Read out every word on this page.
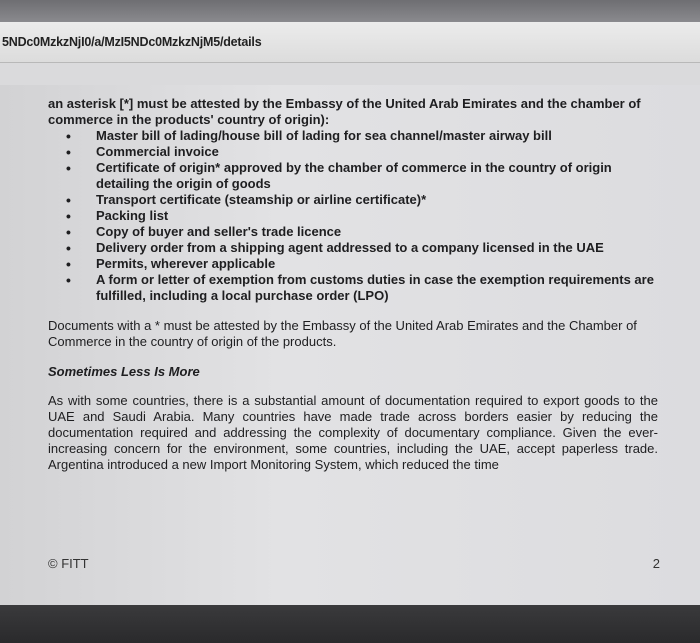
5NDc0MzkzNjI0/a/MzI5NDc0MzkzNjM5/details

an asterisk [*] must be attested by the Embassy of the United Arab Emirates and the chamber of commerce in the products' country of origin):

• Master bill of lading/house bill of lading for sea channel/master airway bill
• Commercial invoice
• Certificate of origin* approved by the chamber of commerce in the country of origin detailing the origin of goods
• Transport certificate (steamship or airline certificate)*
• Packing list
• Copy of buyer and seller's trade licence
• Delivery order from a shipping agent addressed to a company licensed in the UAE
• Permits, wherever applicable
• A form or letter of exemption from customs duties in case the exemption requirements are fulfilled, including a local purchase order (LPO)

Documents with a * must be attested by the Embassy of the United Arab Emirates and the Chamber of Commerce in the country of origin of the products.

Sometimes Less Is More

As with some countries, there is a substantial amount of documentation required to export goods to the UAE and Saudi Arabia. Many countries have made trade across borders easier by reducing the documentation required and addressing the complexity of documentary compliance. Given the ever-increasing concern for the environment, some countries, including the UAE, accept paperless trade. Argentina introduced a new Import Monitoring System, which reduced the time

© FITT	2
